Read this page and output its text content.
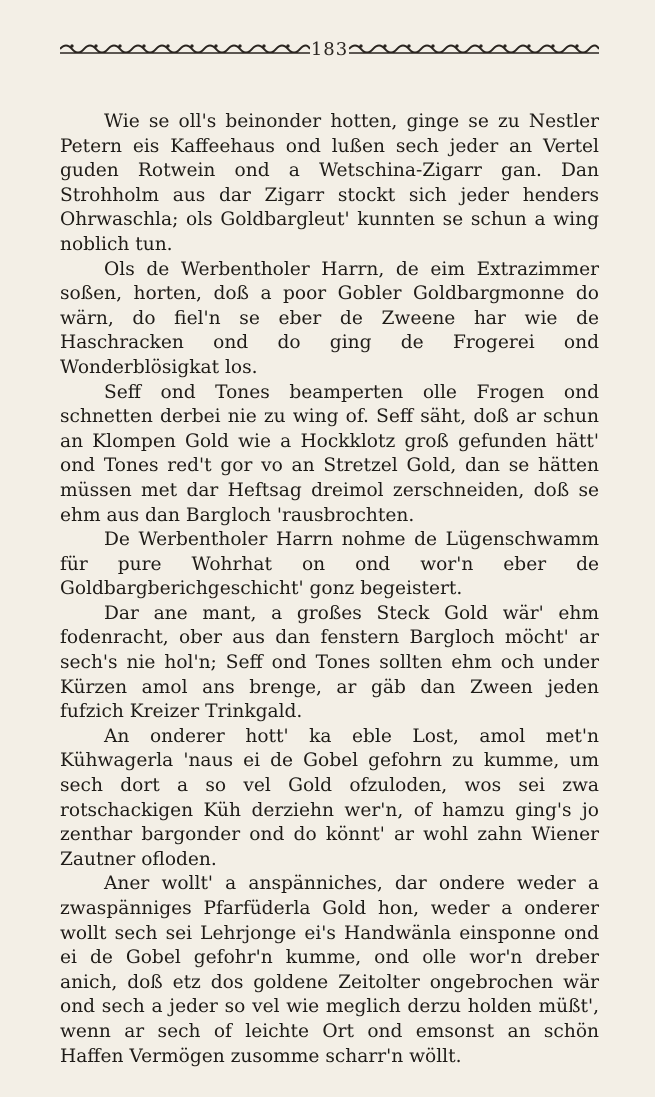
183

Wie se oll's beinonder hotten, ginge se zu Nestler Petern eis Kaffeehaus ond lußen sech jeder an Vertel guden Rotwein ond a Wetschina-Zigarr gan. Dan Strohholm aus dar Zigarr stockt sich jeder henders Ohrwaschla; ols Goldbargleut' kunnten se schun a wing noblich tun.

Ols de Werbentholer Harrn, de eim Extrazimmer soßen, horten, doß a poor Gobler Goldbargmonne do wärn, do fiel'n se eber de Zweene har wie de Haschracken ond do ging de Frogerei ond Wonderblösigkat los.

Seff ond Tones beamperten olle Frogen ond schnetten derbei nie zu wing of. Seff säht, doß ar schun an Klompen Gold wie a Hockklotz groß gefunden hätt' ond Tones red't gor vo an Stretzel Gold, dan se hätten müssen met dar Heftsag dreimol zerschneiden, doß se ehm aus dan Bargloch 'rausbrochten.

De Werbentholer Harrn nohme de Lügenschwamm für pure Wohrhat on ond wor'n eber de Goldbargberichgeschicht' gonz begeistert.

Dar ane mant, a großes Steck Gold wär' ehm fodenracht, ober aus dan fenstern Bargloch möcht' ar sech's nie hol'n; Seff ond Tones sollten ehm och under Kürzen amol ans brenge, ar gäb dan Zween jeden fufzich Kreizer Trinkgald.

An onderer hott' ka eble Lost, amol met'n Kühwagerla 'naus ei de Gobel gefohrn zu kumme, um sech dort a so vel Gold ofzuloden, wos sei zwa rotschackigen Küh derziehn wer'n, of hamzu ging's jo zenthar bargonder ond do könnt' ar wohl zahn Wiener Zautner ofloden.

Aner wollt' a anspänniches, dar ondere weder a zwaspänniges Pfarfüderla Gold hon, weder a onderer wollt sech sei Lehrjonge ei's Handwänla einsponne ond ei de Gobel gefohr'n kumme, ond olle wor'n dreber anich, doß etz dos goldene Zeitolter ongebrochen wär ond sech a jeder so vel wie meglich derzu holden müßt', wenn ar sech of leichte Ort ond emsonst an schön Haffen Vermögen zusomme scharr'n wöllt.
